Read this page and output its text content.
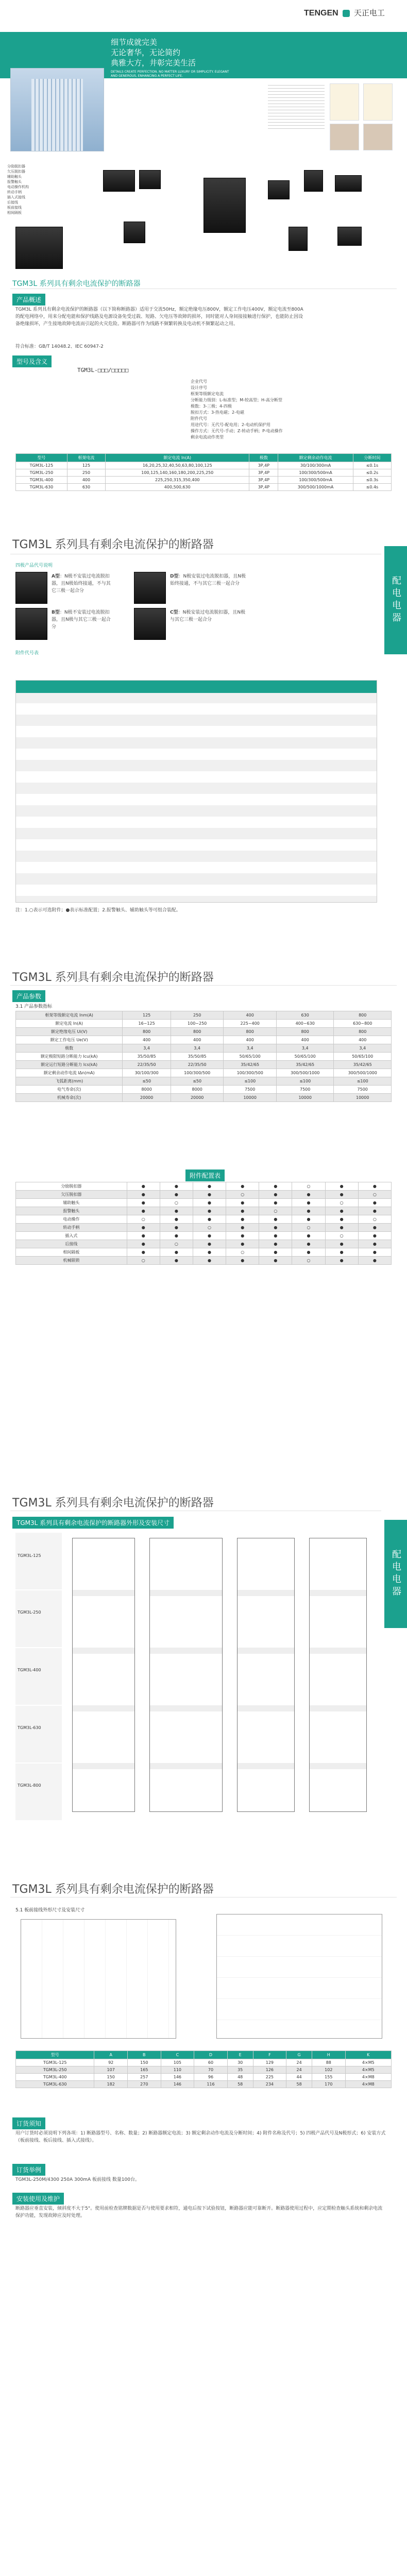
TENGEN 天正电工
细节成就完美
无论奢华，无论简约
典雅大方，井彰完美生活
DETAILS CREATE PERFECTION. NO MATTER LUXURY OR SIMPLICITY. ELEGANT AND GENEROUS, ENHANCING A PERFECT LIFE.
分励脱扣器
欠压脱扣器
辅助触头
报警触头
电动操作机构
转动手柄
插入式接线
后接线
板前接线
相间隔板
TGM3L 系列具有剩余电流保护的断路器
产品概述
TGM3L 系列具有剩余电流保护的断路器（以下简称断路器）适用于交流50Hz，额定绝缘电压800V，额定工作电压400V，额定电流至800A的配电网络中，用来分配电能和保护线路及电源设备免受过载、短路、欠电压等故障的损坏，同时能对人身间接接触进行保护，也能防止因设备绝缘损坏，产生接地故障电流而引起的火灾危险。断路器可作为线路不频繁转换及电动机不频繁起动之用。
符合标准：GB/T 14048.2、IEC 60947-2
型号及含义
TGM3L-□□□/□□□□□
企业代号
设计序号
框架等级额定电流
分断能力级别：L-标准型；M-较高型；H-高分断型
极数：3-三极；4-四极
脱扣方式：3-热电磁；2-电磁
附件代号
用途代号：无代号-配电用；2-电动机保护用
操作方式：无代号-手动；Z-转动手柄；P-电动操作
剩余电流动作类型
型号	框架电流	额定电流 In(A)	极数	额定剩余动作电流	分断时间
TGM3L-125	125	16,20,25,32,40,50,63,80,100,125	3P,4P	30/100/300mA	≤0.1s
TGM3L-250	250	100,125,140,160,180,200,225,250	3P,4P	100/300/500mA	≤0.2s
TGM3L-400	400	225,250,315,350,400	3P,4P	100/300/500mA	≤0.3s
TGM3L-630	630	400,500,630	3P,4P	300/500/1000mA	≤0.4s
TGM3L 系列具有剩余电流保护的断路器
配电电器
四极产品代号说明
A型：N极不安装过电流脱扣器，且N极始终接通，不与其它三极一起合分
D型：N极安装过电流脱扣器，且N极始终接通，不与其它三极一起合分
B型：N极不安装过电流脱扣器，且N极与其它三极一起合分
C型：N极安装过电流脱扣器，且N极与其它三极一起合分
附件代号表
注：1.○表示可选附件；●表示标准配置；2.报警触头、辅助触头等可组合装配。
TGM3L 系列具有剩余电流保护的断路器
产品参数
3.1 产品参数指标
框架等级额定电流 Inm(A)	125	250	400	630	800
额定电流 In(A)	16~125	100~250	225~400	400~630	630~800
额定绝缘电压 Ui(V)	800	800	800	800	800
额定工作电压 Ue(V)	400	400	400	400	400
极数	3,4	3,4	3,4	3,4	3,4
额定极限短路分断能力 Icu(kA)	35/50/85	35/50/85	50/65/100	50/65/100	50/65/100
额定运行短路分断能力 Ics(kA)	22/35/50	22/35/50	35/42/65	35/42/65	35/42/65
额定剩余动作电流 IΔn(mA)	30/100/300	100/300/500	100/300/500	300/500/1000	300/500/1000
飞弧距离(mm)	≤50	≤50	≤100	≤100	≤100
电气寿命(次)	8000	8000	7500	7500	7500
机械寿命(次)	20000	20000	10000	10000	10000
附件配置表
分励脱扣器	●	●	●	●	●	○	●	●
欠压脱扣器	●	●	●	○	●	●	●	○
辅助触头	●	○	●	●	●	●	○	●
报警触头	●	●	●	●	○	●	●	●
电动操作	○	●	●	●	●	●	●	○
转动手柄	●	●	○	●	●	○	●	●
插入式	●	●	●	●	●	●	○	●
后接线	●	○	●	●	●	●	●	●
相间隔板	●	●	●	○	●	●	●	●
机械联锁	○	●	●	●	●	○	●	●
TGM3L 系列具有剩余电流保护的断路器
配电电器
TGM3L 系列具有剩余电流保护的断路器外形及安装尺寸
TGM3L-125
TGM3L-250
TGM3L-400
TGM3L-630
TGM3L-800
TGM3L 系列具有剩余电流保护的断路器
5.1 板前接线外形尺寸及安装尺寸
型号	A	B	C	D	E	F	G	H	K
TGM3L-125	92	150	105	60	30	129	24	88	4×M5
TGM3L-250	107	165	110	70	35	126	24	102	4×M5
TGM3L-400	150	257	146	96	48	225	44	155	4×M8
TGM3L-630	182	270	146	116	58	234	58	170	4×M8
订货须知
用户订货时必须说明下列各项：1) 断路器型号、名称、数量；2) 断路器额定电流；3) 额定剩余动作电流及分断时间；4) 附件名称及代号；5) 四极产品代号及N极形式；6) 安装方式（板前接线、板后接线、插入式接线）。
订货举例
TGM3L-250M/4300 250A 300mA 板前接线 数量100台。
安装使用及维护
断路器应垂直安装，倾斜度不大于5°。使用前检查铭牌数据是否与使用要求相符，通电后按下试验按钮，断路器应能可靠断开。断路器使用过程中，应定期检查触头系统和剩余电流保护功能，发现故障应及时处理。
